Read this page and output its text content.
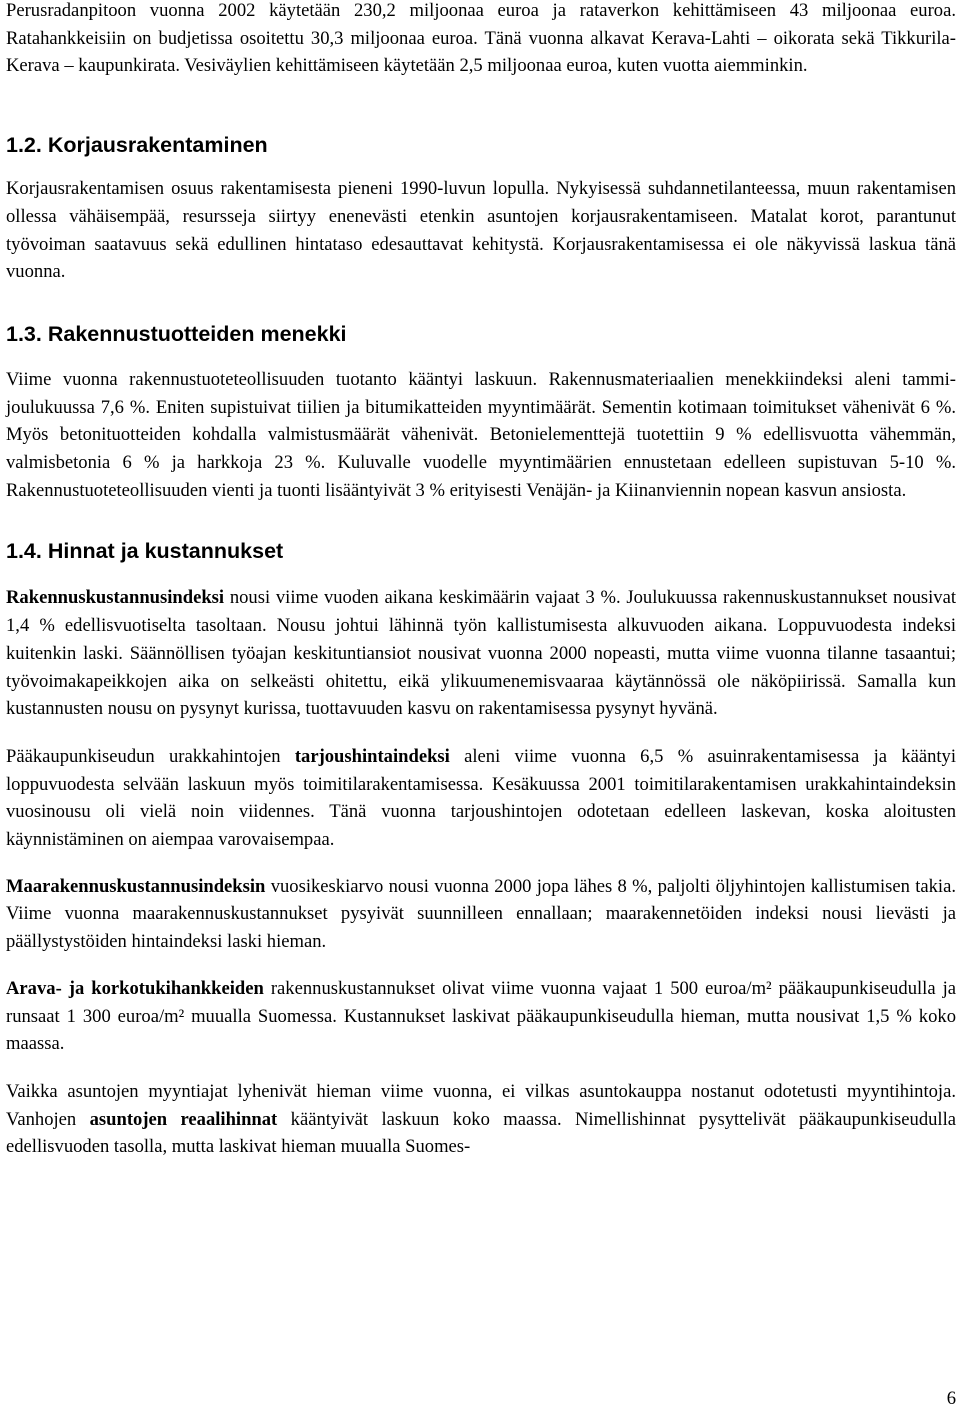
Perusradanpitoon vuonna 2002 käytetään 230,2 miljoonaa euroa ja rataverkon kehittämiseen 43 miljoonaa euroa. Ratahankkeisiin on budjetissa osoitettu 30,3 miljoonaa euroa. Tänä vuonna alkavat Kerava-Lahti – oikorata sekä Tikkurila-Kerava – kaupunkirata. Vesiväylien kehittämiseen käytetään 2,5 miljoonaa euroa, kuten vuotta aiemminkin.

1.2. Korjausrakentaminen

Korjausrakentamisen osuus rakentamisesta pieneni 1990-luvun lopulla. Nykyisessä suhdannetilanteessa, muun rakentamisen ollessa vähäisempää, resursseja siirtyy enenevästi etenkin asuntojen korjausrakentamiseen. Matalat korot, parantunut työvoiman saatavuus sekä edullinen hintataso edesauttavat kehitystä. Korjausrakentamisessa ei ole näkyvissä laskua tänä vuonna.

1.3. Rakennustuotteiden menekki

Viime vuonna rakennustuoteteollisuuden tuotanto kääntyi laskuun. Rakennusmateriaalien menekkiindeksi aleni tammi-joulukuussa 7,6 %. Eniten supistuivat tiilien ja bitumikatteiden myyntimäärät. Sementin kotimaan toimitukset vähenivät 6 %. Myös betonituotteiden kohdalla valmistusmäärät vähenivät. Betonielementtejä tuotettiin 9 % edellisvuotta vähemmän, valmisbetonia 6 % ja harkkoja 23 %. Kuluvalle vuodelle myyntimäärien ennustetaan edelleen supistuvan 5-10 %. Rakennustuoteteollisuuden vienti ja tuonti lisääntyivät 3 % erityisesti Venäjän- ja Kiinanviennin nopean kasvun ansiosta.

1.4. Hinnat ja kustannukset

Rakennuskustannusindeksi nousi viime vuoden aikana keskimäärin vajaat 3 %. Joulukuussa rakennuskustannukset nousivat 1,4 % edellisvuotiselta tasoltaan. Nousu johtui lähinnä työn kallistumisesta alkuvuoden aikana. Loppuvuodesta indeksi kuitenkin laski. Säännöllisen työajan keskituntiansiot nousivat vuonna 2000 nopeasti, mutta viime vuonna tilanne tasaantui; työvoimakapeikkojen aika on selkeästi ohitettu, eikä ylikuumenemisvaaraa käytännössä ole näköpiirissä. Samalla kun kustannusten nousu on pysynyt kurissa, tuottavuuden kasvu on rakentamisessa pysynyt hyvänä.

Pääkaupunkiseudun urakkahintojen tarjoushintaindeksi aleni viime vuonna 6,5 % asuinrakentamisessa ja kääntyi loppuvuodesta selvään laskuun myös toimitilarakentamisessa. Kesäkuussa 2001 toimitilarakentamisen urakkahintaindeksin vuosinousu oli vielä noin viidennes. Tänä vuonna tarjoushintojen odotetaan edelleen laskevan, koska aloitusten käynnistäminen on aiempaa varovaisempaa.

Maarakennuskustannusindeksin vuosikeskiarvo nousi vuonna 2000 jopa lähes 8 %, paljolti öljyhintojen kallistumisen takia. Viime vuonna maarakennuskustannukset pysyivät suunnilleen ennallaan; maarakennetöiden indeksi nousi lievästi ja päällystystöiden hintaindeksi laski hieman.

Arava- ja korkotukihankkeiden rakennuskustannukset olivat viime vuonna vajaat 1 500 euroa/m² pääkaupunkiseudulla ja runsaat 1 300 euroa/m² muualla Suomessa. Kustannukset laskivat pääkaupunkiseudulla hieman, mutta nousivat 1,5 % koko maassa.

Vaikka asuntojen myyntiajat lyhenivät hieman viime vuonna, ei vilkas asuntokauppa nostanut odotetusti myyntihintoja. Vanhojen asuntojen reaalihinnat kääntyivät laskuun koko maassa. Nimellishinnat pysyttelivät pääkaupunkiseudulla edellisvuoden tasolla, mutta laskivat hieman muualla Suomes-

6
